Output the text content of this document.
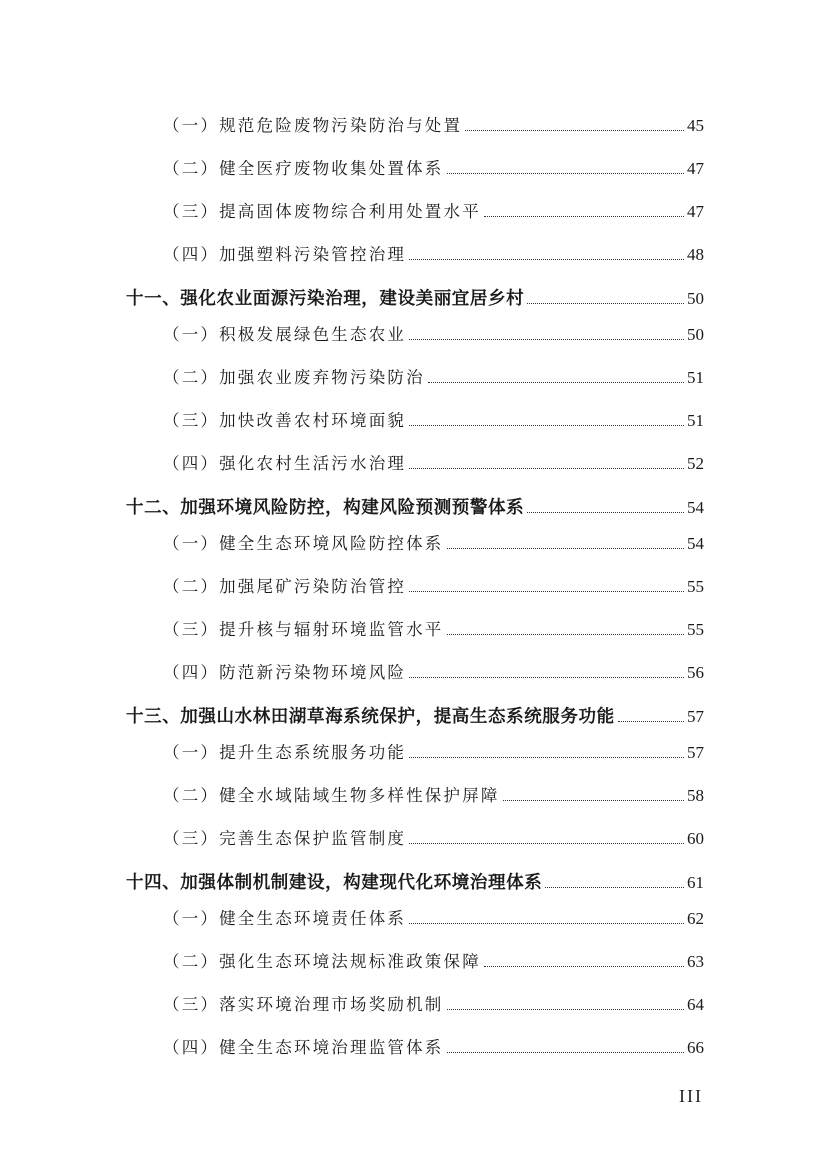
（一）规范危险废物污染防治与处置	45
（二）健全医疗废物收集处置体系	47
（三）提高固体废物综合利用处置水平	47
（四）加强塑料污染管控治理	48
十一、强化农业面源污染治理，建设美丽宜居乡村	50
（一）积极发展绿色生态农业	50
（二）加强农业废弃物污染防治	51
（三）加快改善农村环境面貌	51
（四）强化农村生活污水治理	52
十二、加强环境风险防控，构建风险预测预警体系	54
（一）健全生态环境风险防控体系	54
（二）加强尾矿污染防治管控	55
（三）提升核与辐射环境监管水平	55
（四）防范新污染物环境风险	56
十三、加强山水林田湖草海系统保护，提高生态系统服务功能	57
（一）提升生态系统服务功能	57
（二）健全水域陆域生物多样性保护屏障	58
（三）完善生态保护监管制度	60
十四、加强体制机制建设，构建现代化环境治理体系	61
（一）健全生态环境责任体系	62
（二）强化生态环境法规标准政策保障	63
（三）落实环境治理市场奖励机制	64
（四）健全生态环境治理监管体系	66
III
